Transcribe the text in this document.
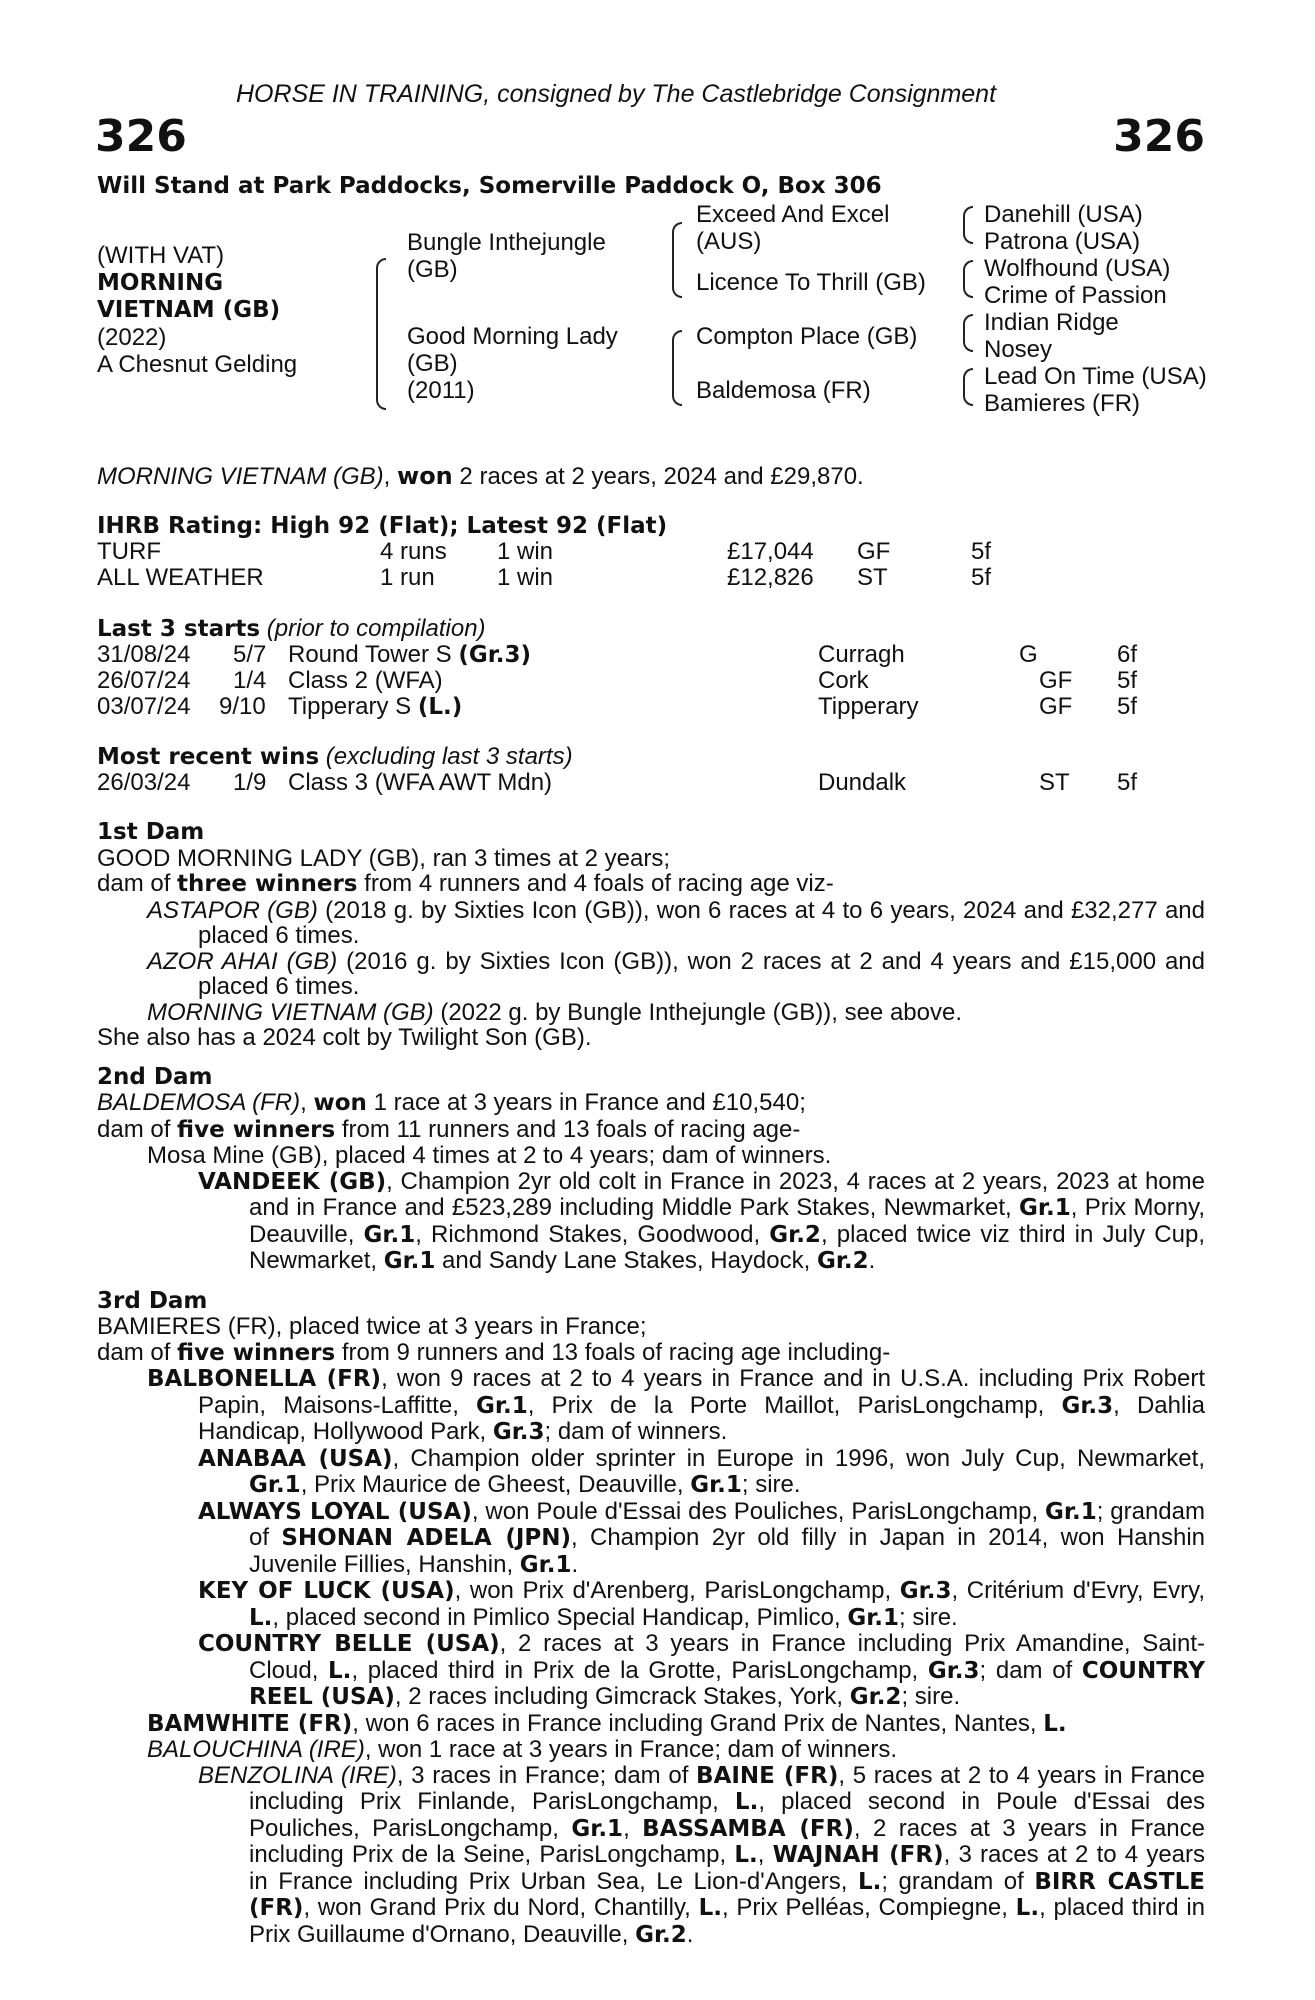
HORSE IN TRAINING, consigned by The Castlebridge Consignment
326	326
Will Stand at Park Paddocks, Somerville Paddock O, Box 306
(WITH VAT)
MORNING
VIETNAM (GB)
(2022)
A Chesnut Gelding
Bungle Inthejungle
(GB)
Good Morning Lady
(GB)
(2011)
Exceed And Excel
(AUS)
Licence To Thrill (GB)
Compton Place (GB)
Baldemosa (FR)
Danehill (USA)
Patrona (USA)
Wolfhound (USA)
Crime of Passion
Indian Ridge
Nosey
Lead On Time (USA)
Bamieres (FR)
MORNING VIETNAM (GB), won 2 races at 2 years, 2024 and £29,870.
IHRB Rating: High 92 (Flat); Latest 92 (Flat)
TURF	4 runs 1 win	£17,044 GF	5f
ALL WEATHER	1 run	1 win	£12,826 ST	5f
Last 3 starts (prior to compilation)
31/08/24 5/7 Round Tower S (Gr.3)	Curragh	G	6f
26/07/24 1/4 Class 2 (WFA)	Cork	GF 5f
03/07/24 9/10 Tipperary S (L.)	Tipperary	GF 5f
Most recent wins (excluding last 3 starts)
26/03/24 1/9 Class 3 (WFA AWT Mdn)	Dundalk	ST 5f

1st Dam

GOOD MORNING LADY (GB), ran 3 times at 2 years;

dam of three winners from 4 runners and 4 foals of racing age viz-

ASTAPOR (GB) (2018 g. by Sixties Icon (GB)), won 6 races at 4 to 6 years, 2024 and £32,277 and placed 6 times.

AZOR AHAI (GB) (2016 g. by Sixties Icon (GB)), won 2 races at 2 and 4 years and £15,000 and placed 6 times.

MORNING VIETNAM (GB) (2022 g. by Bungle Inthejungle (GB)), see above.

She also has a 2024 colt by Twilight Son (GB).

2nd Dam

BALDEMOSA (FR), won 1 race at 3 years in France and £10,540;

dam of five winners from 11 runners and 13 foals of racing age-

Mosa Mine (GB), placed 4 times at 2 to 4 years; dam of winners.

VANDEEK (GB), Champion 2yr old colt in France in 2023, 4 races at 2 years, 2023 at home and in France and £523,289 including Middle Park Stakes, Newmarket, Gr.1, Prix Morny, Deauville, Gr.1, Richmond Stakes, Goodwood, Gr.2, placed twice viz third in July Cup, Newmarket, Gr.1 and Sandy Lane Stakes, Haydock, Gr.2.

3rd Dam

BAMIERES (FR), placed twice at 3 years in France;

dam of five winners from 9 runners and 13 foals of racing age including-

BALBONELLA (FR), won 9 races at 2 to 4 years in France and in U.S.A. including Prix Robert Papin, Maisons-Laffitte, Gr.1, Prix de la Porte Maillot, ParisLongchamp, Gr.3, Dahlia Handicap, Hollywood Park, Gr.3; dam of winners.

ANABAA (USA), Champion older sprinter in Europe in 1996, won July Cup, Newmarket, Gr.1, Prix Maurice de Gheest, Deauville, Gr.1; sire.

ALWAYS LOYAL (USA), won Poule d'Essai des Pouliches, ParisLongchamp, Gr.1; grandam of SHONAN ADELA (JPN), Champion 2yr old filly in Japan in 2014, won Hanshin Juvenile Fillies, Hanshin, Gr.1.

KEY OF LUCK (USA), won Prix d'Arenberg, ParisLongchamp, Gr.3, Critérium d'Evry, Evry, L., placed second in Pimlico Special Handicap, Pimlico, Gr.1; sire.

COUNTRY BELLE (USA), 2 races at 3 years in France including Prix Amandine, Saint-Cloud, L., placed third in Prix de la Grotte, ParisLongchamp, Gr.3; dam of COUNTRY REEL (USA), 2 races including Gimcrack Stakes, York, Gr.2; sire.

BAMWHITE (FR), won 6 races in France including Grand Prix de Nantes, Nantes, L.

BALOUCHINA (IRE), won 1 race at 3 years in France; dam of winners.

BENZOLINA (IRE), 3 races in France; dam of BAINE (FR), 5 races at 2 to 4 years in France including Prix Finlande, ParisLongchamp, L., placed second in Poule d'Essai des Pouliches, ParisLongchamp, Gr.1, BASSAMBA (FR), 2 races at 3 years in France including Prix de la Seine, ParisLongchamp, L., WAJNAH (FR), 3 races at 2 to 4 years in France including Prix Urban Sea, Le Lion-d'Angers, L.; grandam of BIRR CASTLE (FR), won Grand Prix du Nord, Chantilly, L., Prix Pelléas, Compiegne, L., placed third in Prix Guillaume d'Ornano, Deauville, Gr.2.
